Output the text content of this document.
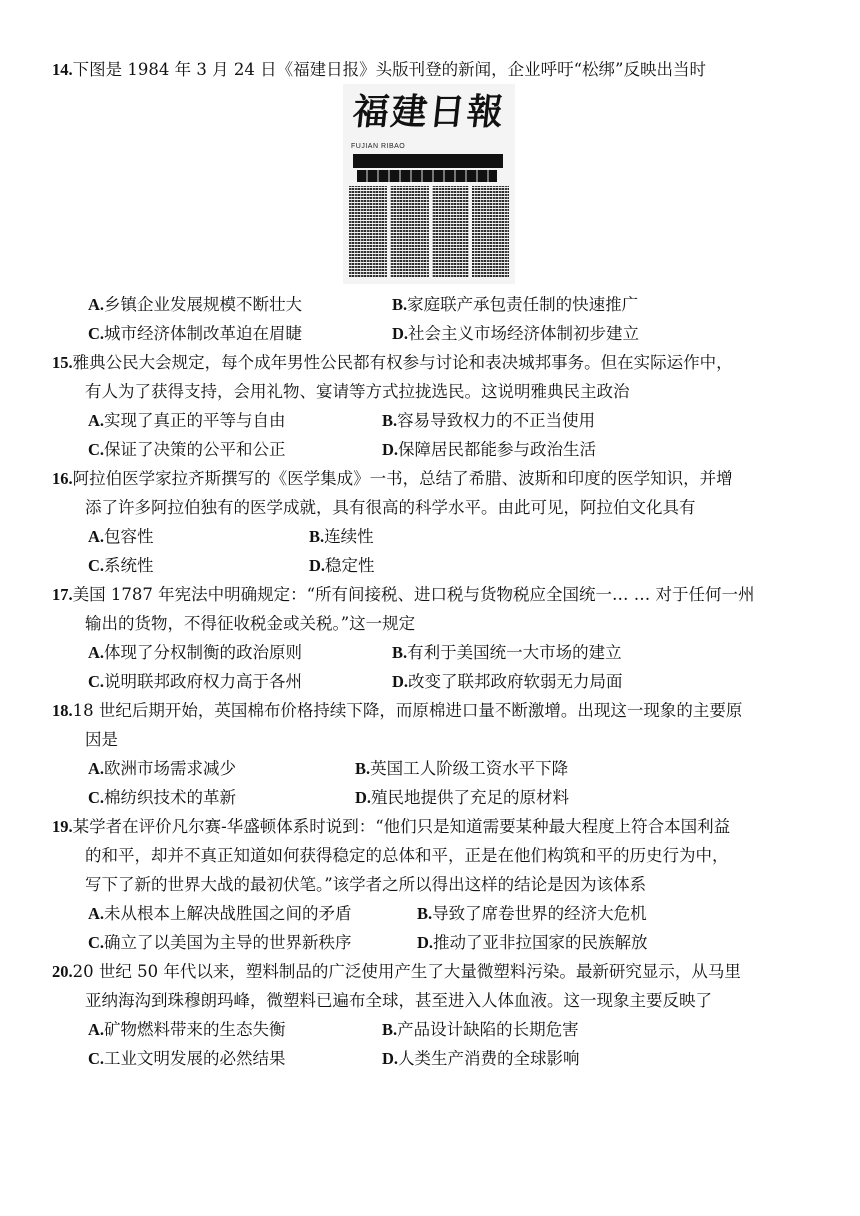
14.下图是 1984 年 3 月 24 日《福建日报》头版刊登的新闻，企业呼吁“松绑”反映出当时
福建日報
FUJIAN RIBAO
A.乡镇企业发展规模不断壮大	B.家庭联产承包责任制的快速推广
C.城市经济体制改革迫在眉睫	D.社会主义市场经济体制初步建立
15.雅典公民大会规定，每个成年男性公民都有权参与讨论和表决城邦事务。但在实际运作中，
有人为了获得支持，会用礼物、宴请等方式拉拢选民。这说明雅典民主政治
A.实现了真正的平等与自由	B.容易导致权力的不正当使用
C.保证了决策的公平和公正	D.保障居民都能参与政治生活
16.阿拉伯医学家拉齐斯撰写的《医学集成》一书，总结了希腊、波斯和印度的医学知识，并增
添了许多阿拉伯独有的医学成就，具有很高的科学水平。由此可见，阿拉伯文化具有
A.包容性	B.连续性
C.系统性	D.稳定性
17.美国 1787 年宪法中明确规定：“所有间接税、进口税与货物税应全国统一… … 对于任何一州
输出的货物，不得征收税金或关税。”这一规定
A.体现了分权制衡的政治原则	B.有利于美国统一大市场的建立
C.说明联邦政府权力高于各州	D.改变了联邦政府软弱无力局面
18.18 世纪后期开始，英国棉布价格持续下降，而原棉进口量不断激增。出现这一现象的主要原
因是
A.欧洲市场需求减少	B.英国工人阶级工资水平下降
C.棉纺织技术的革新	D.殖民地提供了充足的原材料
19.某学者在评价凡尔赛-华盛顿体系时说到：“他们只是知道需要某种最大程度上符合本国利益
的和平，却并不真正知道如何获得稳定的总体和平，正是在他们构筑和平的历史行为中，
写下了新的世界大战的最初伏笔。”该学者之所以得出这样的结论是因为该体系
A.未从根本上解决战胜国之间的矛盾	B.导致了席卷世界的经济大危机
C.确立了以美国为主导的世界新秩序	D.推动了亚非拉国家的民族解放
20.20 世纪 50 年代以来，塑料制品的广泛使用产生了大量微塑料污染。最新研究显示，从马里
亚纳海沟到珠穆朗玛峰，微塑料已遍布全球，甚至进入人体血液。这一现象主要反映了
A.矿物燃料带来的生态失衡	B.产品设计缺陷的长期危害
C.工业文明发展的必然结果	D.人类生产消费的全球影响
